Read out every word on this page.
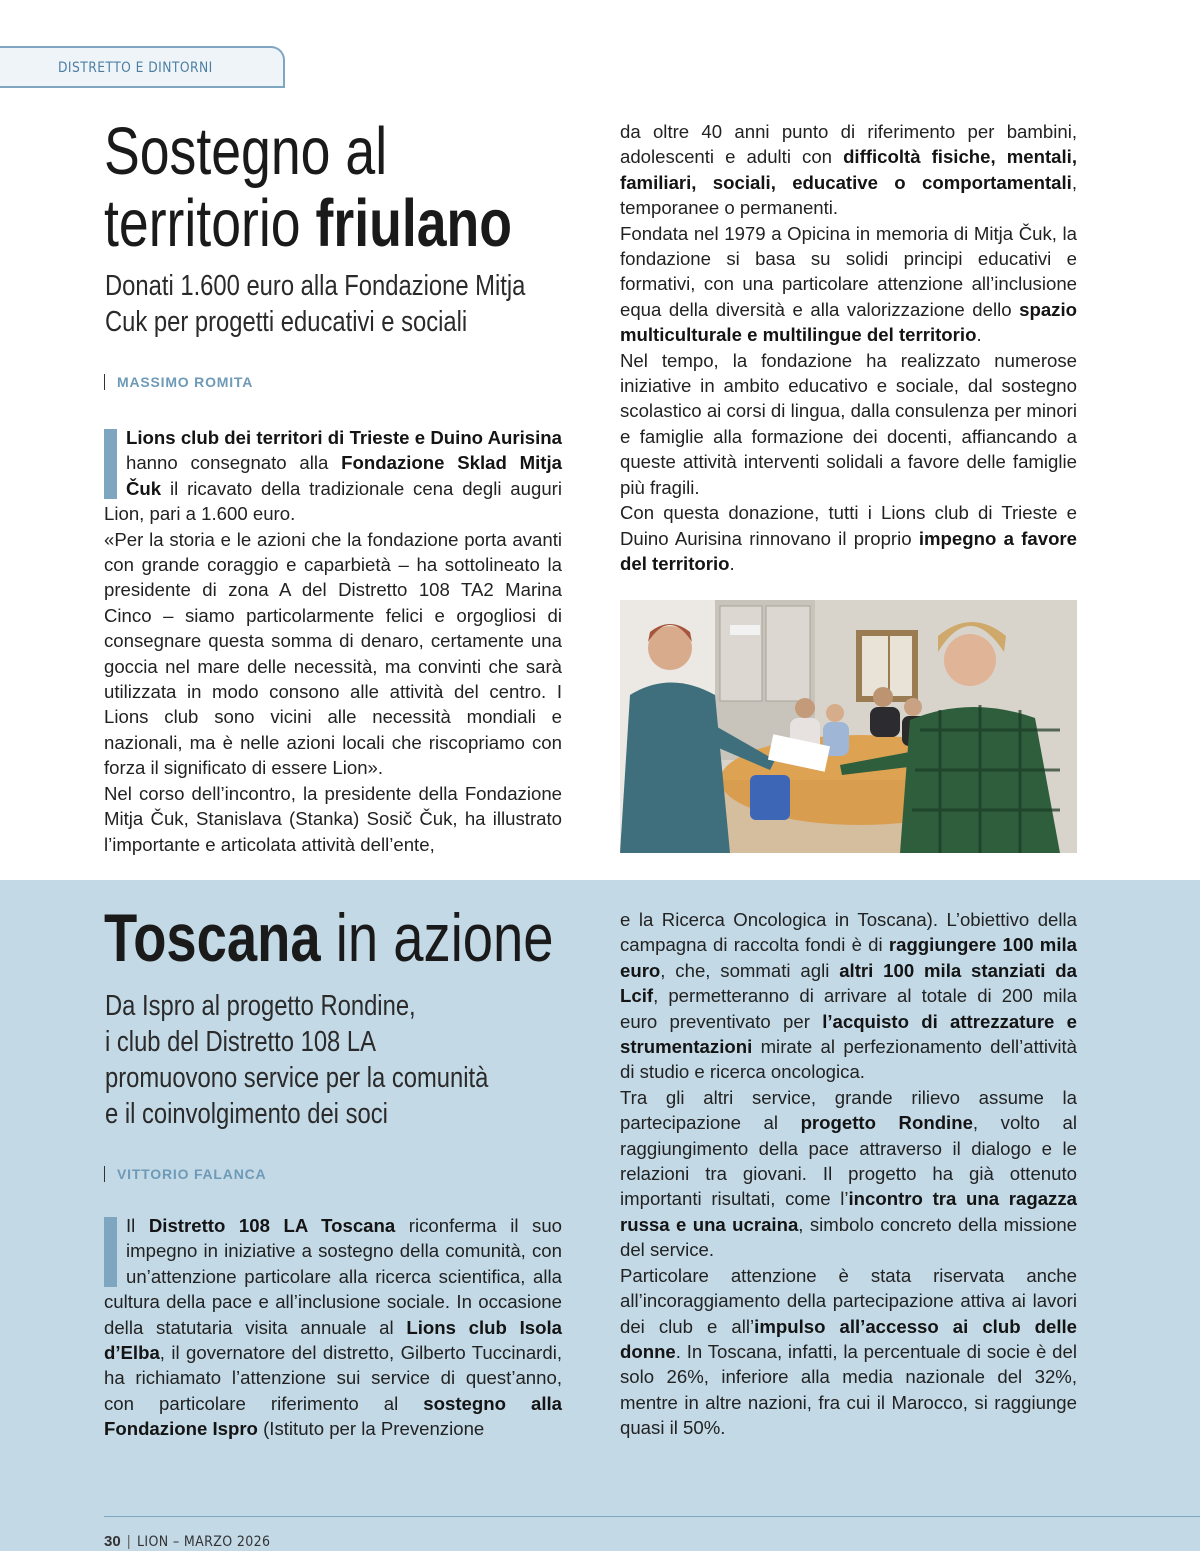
DISTRETTO E DINTORNI
Sostegno al
territorio friulano
Donati 1.600 euro alla Fondazione Mitja
Cuk per progetti educativi e sociali
MASSIMO ROMITA

Lions club dei territori di Trieste e Duino Aurisina hanno consegnato alla Fondazione Sklad Mitja Čuk il ricavato della tradizionale cena degli auguri Lion, pari a 1.600 euro.

«Per la storia e le azioni che la fondazione porta avanti con grande coraggio e caparbietà – ha sottolineato la presidente di zona A del Distretto 108 TA2 Marina Cinco – siamo particolarmente felici e orgogliosi di consegnare questa somma di denaro, certamente una goccia nel mare delle necessità, ma convinti che sarà utilizzata in modo consono alle attività del centro. I Lions club sono vicini alle necessità mondiali e nazionali, ma è nelle azioni locali che riscopriamo con forza il significato di essere Lion».

Nel corso dell’incontro, la presidente della Fondazione Mitja Čuk, Stanislava (Stanka) Sosič Čuk, ha illustrato l’importante e articolata attività dell’ente,

da oltre 40 anni punto di riferimento per bambini, adolescenti e adulti con difficoltà fisiche, mentali, familiari, sociali, educative o comportamentali, temporanee o permanenti.

Fondata nel 1979 a Opicina in memoria di Mitja Čuk, la fondazione si basa su solidi principi educativi e formativi, con una particolare attenzione all’inclusione equa della diversità e alla valorizzazione dello spazio multiculturale e multilingue del territorio.

Nel tempo, la fondazione ha realizzato numerose iniziative in ambito educativo e sociale, dal sostegno scolastico ai corsi di lingua, dalla consulenza per minori e famiglie alla formazione dei docenti, affiancando a queste attività interventi solidali a favore delle famiglie più fragili.

Con questa donazione, tutti i Lions club di Trieste e Duino Aurisina rinnovano il proprio impegno a favore del territorio.

Toscana in azione
Da Ispro al progetto Rondine,
i club del Distretto 108 LA
promuovono service per la comunità
e il coinvolgimento dei soci
VITTORIO FALANCA

Il Distretto 108 LA Toscana riconferma il suo impegno in iniziative a sostegno della comunità, con un’attenzione particolare alla ricerca scientifica, alla cultura della pace e all’inclusione sociale. In occasione della statutaria visita annuale al Lions club Isola d’Elba, il governatore del distretto, Gilberto Tuccinardi, ha richiamato l’attenzione sui service di quest’anno, con particolare riferimento al sostegno alla Fondazione Ispro (Istituto per la Prevenzione

e la Ricerca Oncologica in Toscana). L’obiettivo della campagna di raccolta fondi è di raggiungere 100 mila euro, che, sommati agli altri 100 mila stanziati da Lcif, permetteranno di arrivare al totale di 200 mila euro preventivato per l’acquisto di attrezzature e strumentazioni mirate al perfezionamento dell’attività di studio e ricerca oncologica.

Tra gli altri service, grande rilievo assume la partecipazione al progetto Rondine, volto al raggiungimento della pace attraverso il dialogo e le relazioni tra giovani. Il progetto ha già ottenuto importanti risultati, come l’incontro tra una ragazza russa e una ucraina, simbolo concreto della missione del service.

Particolare attenzione è stata riservata anche all’incoraggiamento della partecipazione attiva ai lavori dei club e all’impulso all’accesso ai club delle donne. In Toscana, infatti, la percentuale di socie è del solo 26%, inferiore alla media nazionale del 32%, mentre in altre nazioni, fra cui il Marocco, si raggiunge quasi il 50%.

30 | LION – MARZO 2026
